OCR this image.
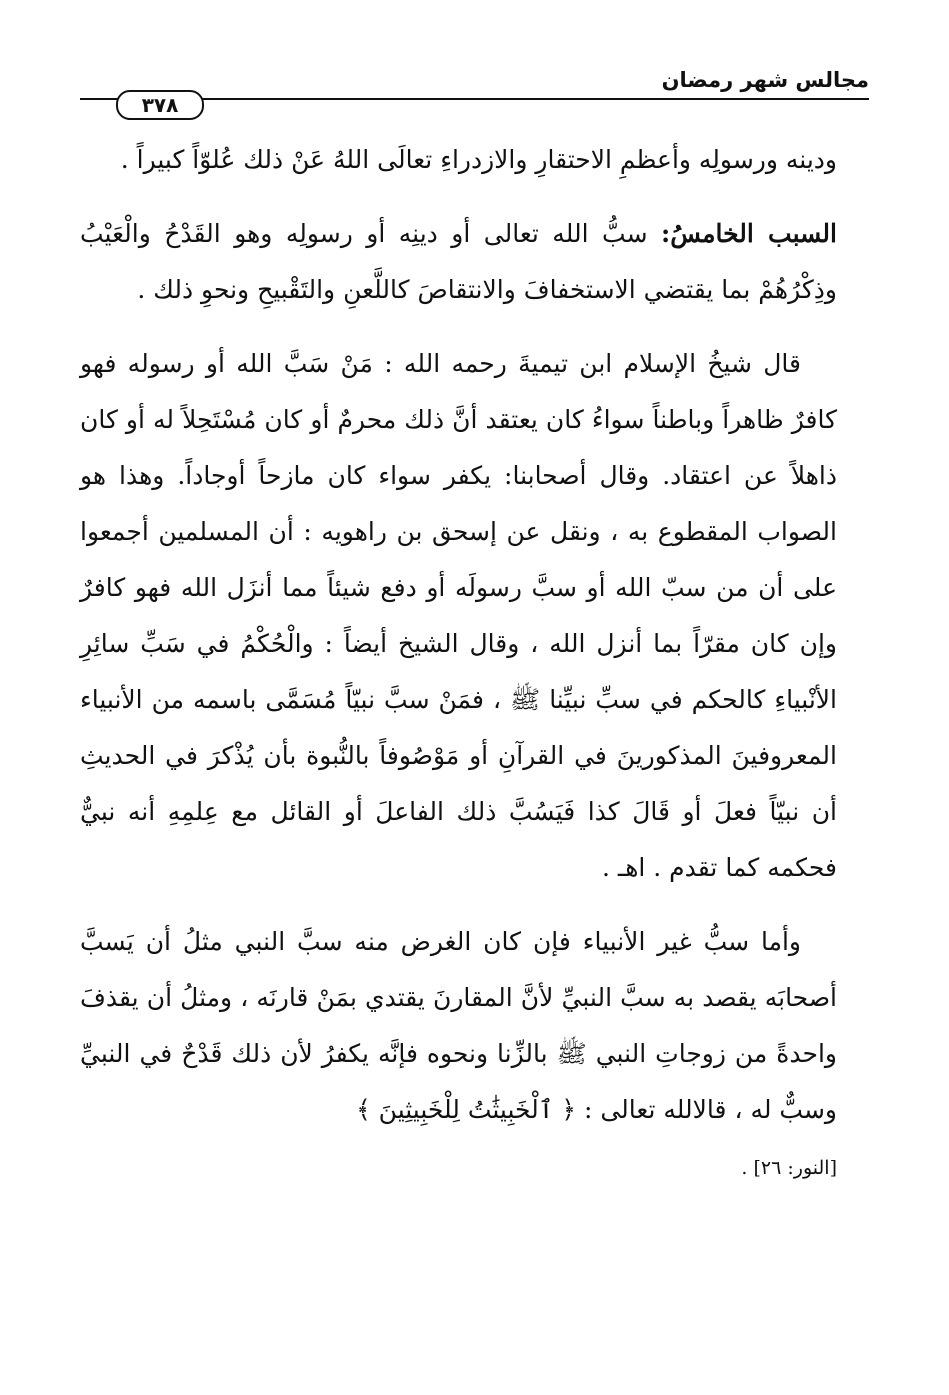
مجالس شهر رمضان
٣٧٨

ودينه ورسولِه وأعظمِ الاحتقارِ والازدراءِ تعالَى اللهُ عَنْ ذلك عُلوّاً كبيراً .

السبب الخامسُ: سبُّ الله تعالى أو دينِه أو رسولِه وهو القَدْحُ والْعَيْبُ وذِكْرُهُمْ بما يقتضي الاستخفافَ والانتقاصَ كاللَّعنِ والتَقْبيحِ ونحوِ ذلك .

قال شيخُ الإسلام ابن تيميةَ رحمه الله : مَنْ سَبَّ الله أو رسوله فهو كافرٌ ظاهراً وباطناً سواءُ كان يعتقد أنَّ ذلك محرمٌ أو كان مُسْتَحِلاً له أو كان ذاهلاً عن اعتقاد. وقال أصحابنا: يكفر سواء كان مازحاً أوجاداً. وهذا هو الصواب المقطوع به ، ونقل عن إسحق بن راهويه : أن المسلمين أجمعوا على أن من سبّ الله أو سبَّ رسولَه أو دفع شيئاً مما أنزَل الله فهو كافرٌ وإن كان مقرّاً بما أنزل الله ، وقال الشيخ أيضاً : والْحُكْمُ في سَبِّ سائِرِ الأنْبياءِ كالحكم في سبِّ نبيِّنا ﷺ ، فمَنْ سبَّ نبيّاً مُسَمَّى باسمه من الأنبياء المعروفينَ المذكورينَ في القرآنِ أو مَوْصُوفاً بالنُّبوة بأن يُذْكرَ في الحديثِ أن نبيّاً فعلَ أو قَالَ كذا فَيَسُبَّ ذلك الفاعلَ أو القائل مع عِلمِهِ أنه نبيٌّ فحكمه كما تقدم . اهـ .

وأما سبُّ غير الأنبياء فإن كان الغرض منه سبَّ النبي مثلُ أن يَسبَّ أصحابَه يقصد به سبَّ النبيِّ لأنَّ المقارنَ يقتدي بمَنْ قارنَه ، ومثلُ أن يقذفَ واحدةً من زوجاتِ النبي ﷺ بالزِّنا ونحوه فإنَّه يكفرُ لأن ذلك قَدْحٌ في النبيِّ وسبٌّ له ، قالالله تعالى : ﴿ ٱلْخَبِيثَٰتُ لِلْخَبِيثِينَ ﴾

[النور: ٢٦] .
